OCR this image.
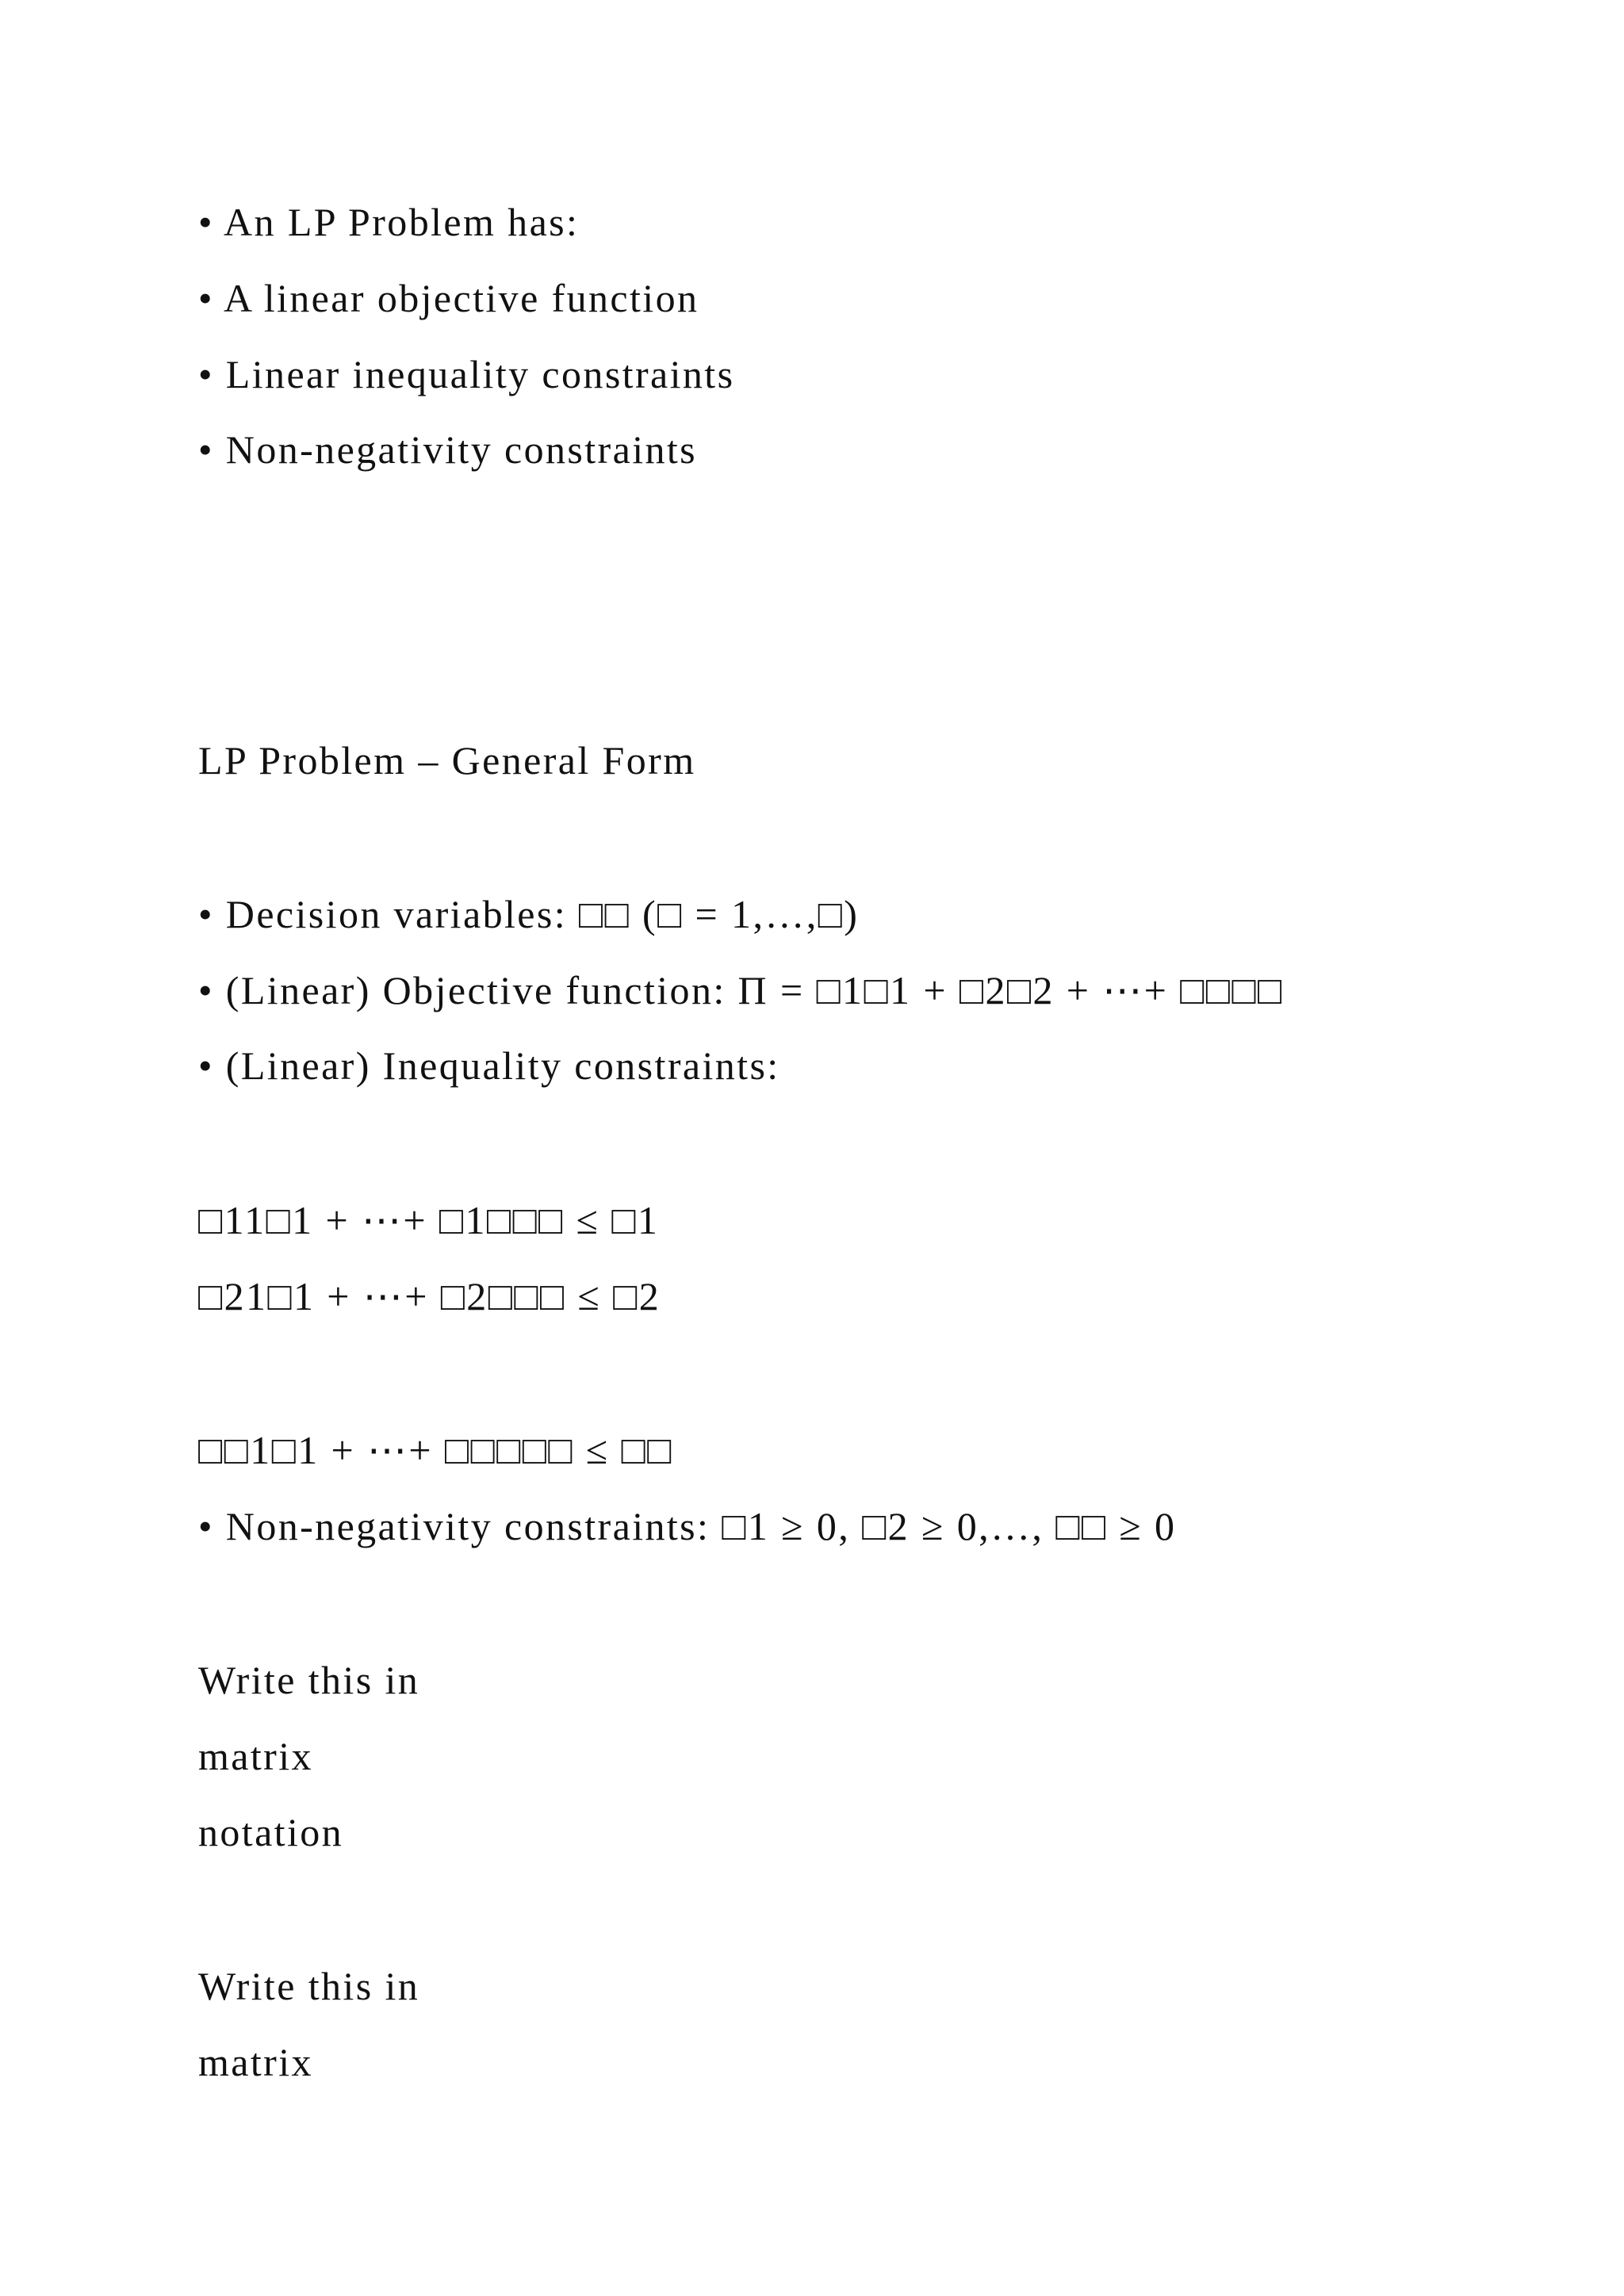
• An LP Problem has:
• A linear objective function
• Linear inequality constraints
• Non-negativity constraints
LP Problem – General Form
• Decision variables: □□ (□ = 1,…,□)
• (Linear) Objective function: Π = □1□1 + □2□2 + ⋯+ □□□□
• (Linear) Inequality constraints:
□11□1 + ⋯+ □1□□□ ≤ □1
□21□1 + ⋯+ □2□□□ ≤ □2
□□1□1 + ⋯+ □□□□□ ≤ □□
• Non-negativity constraints: □1 ≥ 0, □2 ≥ 0,…, □□ ≥ 0
Write this in
matrix
notation
Write this in
matrix
